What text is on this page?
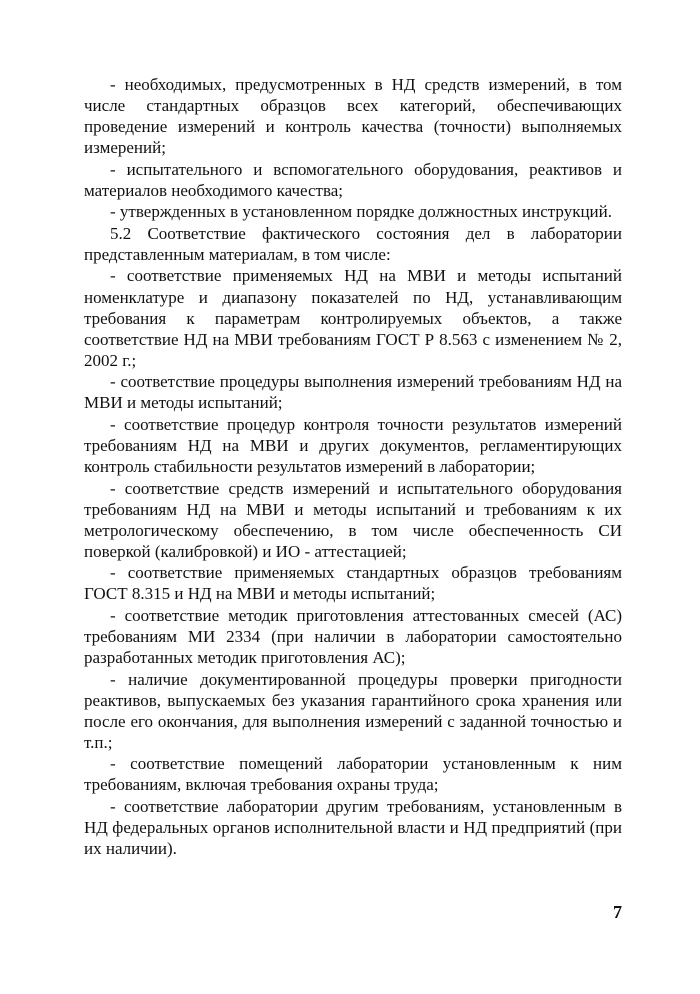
- необходимых, предусмотренных в НД средств измерений, в том числе стандартных образцов всех категорий, обеспечивающих проведение измерений и контроль качества (точности) выполняемых измерений;

- испытательного и вспомогательного оборудования, реактивов и материалов необходимого качества;

- утвержденных в установленном порядке должностных инструкций.

5.2 Соответствие фактического состояния дел в лаборатории представленным материалам, в том числе:

- соответствие применяемых НД на МВИ и методы испытаний номенклатуре и диапазону показателей по НД, устанавливающим требования к параметрам контролируемых объектов, а также соответствие НД на МВИ требованиям ГОСТ Р 8.563 с изменением № 2, 2002 г.;

- соответствие процедуры выполнения измерений требованиям НД на МВИ и методы испытаний;

- соответствие процедур контроля точности результатов измерений требованиям НД на МВИ и других документов, регламентирующих контроль стабильности результатов измерений в лаборатории;

- соответствие средств измерений и испытательного оборудования требованиям НД на МВИ и методы испытаний и требованиям к их метрологическому обеспечению, в том числе обеспеченность СИ поверкой (калибровкой) и ИО - аттестацией;

- соответствие применяемых стандартных образцов требованиям ГОСТ 8.315 и НД на МВИ и методы испытаний;

- соответствие методик приготовления аттестованных смесей (АС) требованиям МИ 2334 (при наличии в лаборатории самостоятельно разработанных методик приготовления АС);

- наличие документированной процедуры проверки пригодности реактивов, выпускаемых без указания гарантийного срока хранения или после его окончания, для выполнения измерений с заданной точностью и т.п.;

- соответствие помещений лаборатории установленным к ним требованиям, включая требования охраны труда;

- соответствие лаборатории другим требованиям, установленным в НД федеральных органов исполнительной власти и НД предприятий (при их наличии).

7
